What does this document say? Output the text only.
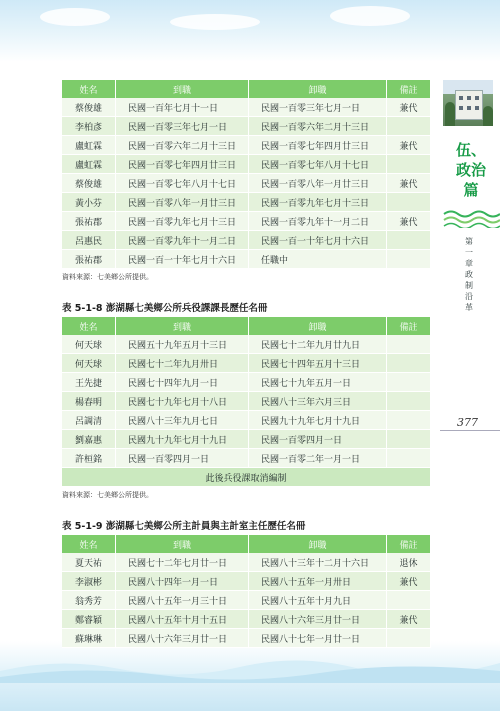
伍、政治篇
第一章 政制沿革
377
姓名	到職	卸職	備註
蔡俊雄	民國一百年七月十一日	民國一百零三年七月一日	兼代
李柏彥	民國一百零三年七月一日	民國一百零六年二月十三日	
盧虹霖	民國一百零六年二月十三日	民國一百零七年四月廿三日	兼代
盧虹霖	民國一百零七年四月廿三日	民國一百零七年八月十七日	
蔡俊雄	民國一百零七年八月十七日	民國一百零八年一月廿三日	兼代
黃小芬	民國一百零八年一月廿三日	民國一百零九年七月十三日	
張祐郡	民國一百零九年七月十三日	民國一百零九年十一月二日	兼代
呂惠民	民國一百零九年十一月二日	民國一百一十年七月十六日	
張祐郡	民國一百一十年七月十六日	任職中	
資料來源：七美鄉公所提供。
表 5-1-8 澎湖縣七美鄉公所兵役課課長歷任名冊
姓名	到職	卸職	備註
何天球	民國五十九年五月十三日	民國七十二年九月廿九日	
何天球	民國七十二年九月卅日	民國七十四年五月十三日	
王先捷	民國七十四年九月一日	民國七十九年五月一日	
楊春明	民國七十九年七月十八日	民國八十三年六月三日	
呂調清	民國八十三年九月七日	民國九十九年七月十九日	
劉嘉惠	民國九十九年七月十九日	民國一百零四月一日	
許桓銘	民國一百零四月一日	民國一百零二年一月一日	
此後兵役課取消編制			
資料來源：七美鄉公所提供。
表 5-1-9 澎湖縣七美鄉公所主計員與主計室主任歷任名冊
姓名	到職	卸職	備註
夏天祐	民國七十二年七月廿一日	民國八十三年十二月十六日	退休
李淑彬	民國八十四年一月一日	民國八十五年一月卅日	兼代
翁秀芳	民國八十五年一月三十日	民國八十五年十月九日	
鄭睿穎	民國八十五年十月十五日	民國八十六年三月廿一日	兼代
蘇琳琳	民國八十六年三月廿一日	民國八十七年一月廿一日	
